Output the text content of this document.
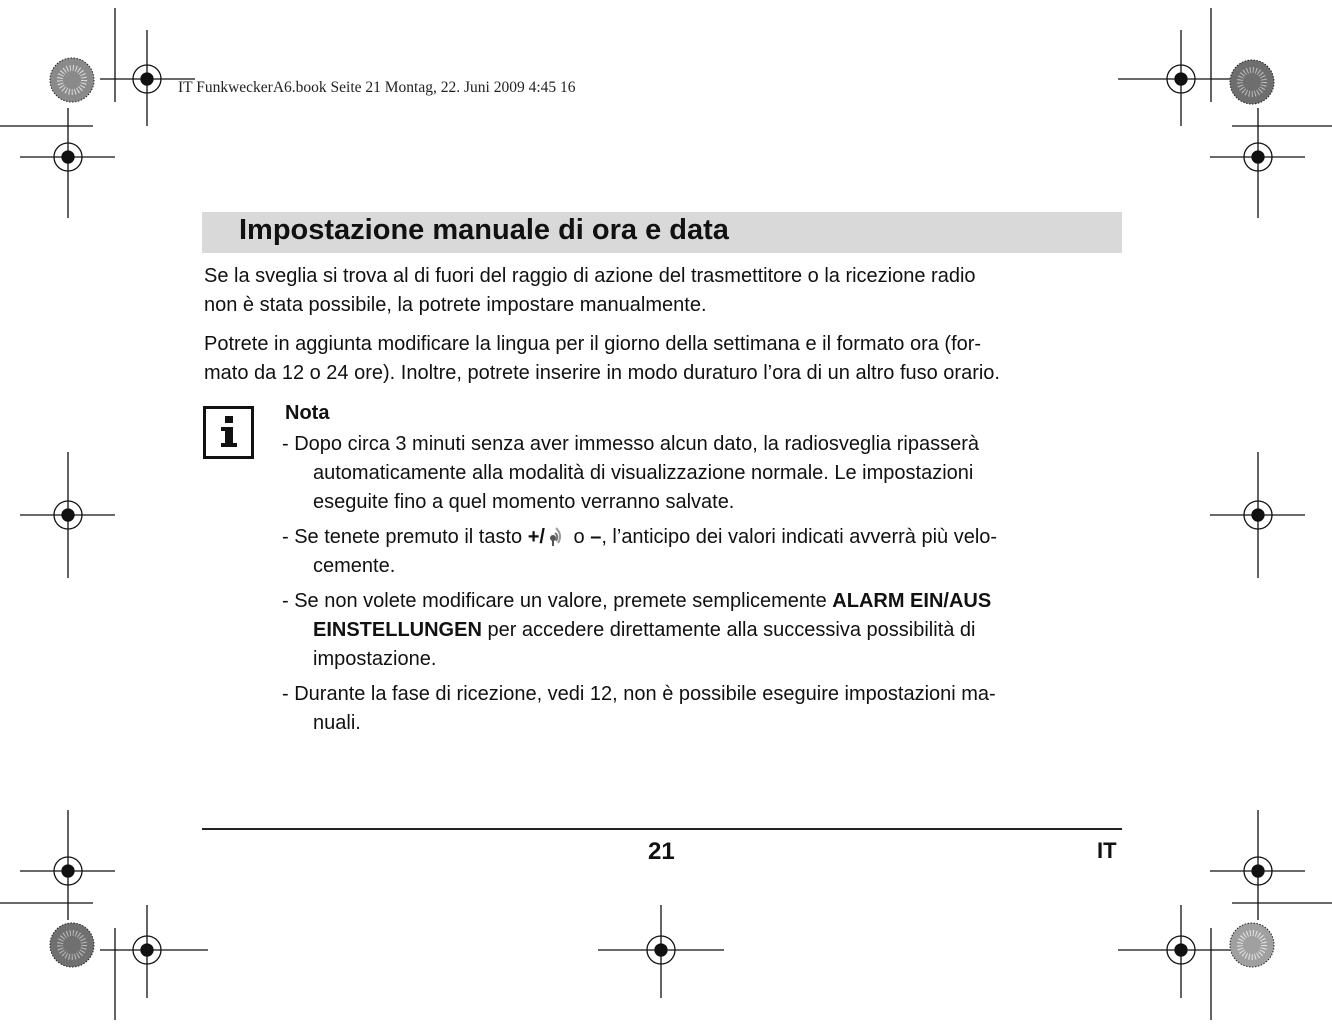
IT FunkweckerA6.book Seite 21 Montag, 22. Juni 2009 4:45 16
Impostazione manuale di ora e data

Se la sveglia si trova al di fuori del raggio di azione del trasmettitore o la ricezione radio
non è stata possibile, la potrete impostare manualmente.

Potrete in aggiunta modificare la lingua per il giorno della settimana e il formato ora (for-
mato da 12 o 24 ore). Inoltre, potrete inserire in modo duraturo l’ora di un altro fuso orario.

Nota
- Dopo circa 3 minuti senza aver immesso alcun dato, la radiosveglia ripasserà
automaticamente alla modalità di visualizzazione normale. Le impostazioni
eseguite fino a quel momento verranno salvate.
- Se tenete premuto il tasto +/ o –, l’anticipo dei valori indicati avverrà più velo-
cemente.
- Se non volete modificare un valore, premete semplicemente ALARM EIN/AUS
EINSTELLUNGEN per accedere direttamente alla successiva possibilità di
impostazione.
- Durante la fase di ricezione, vedi 12, non è possibile eseguire impostazioni ma-
nuali.
21	IT
